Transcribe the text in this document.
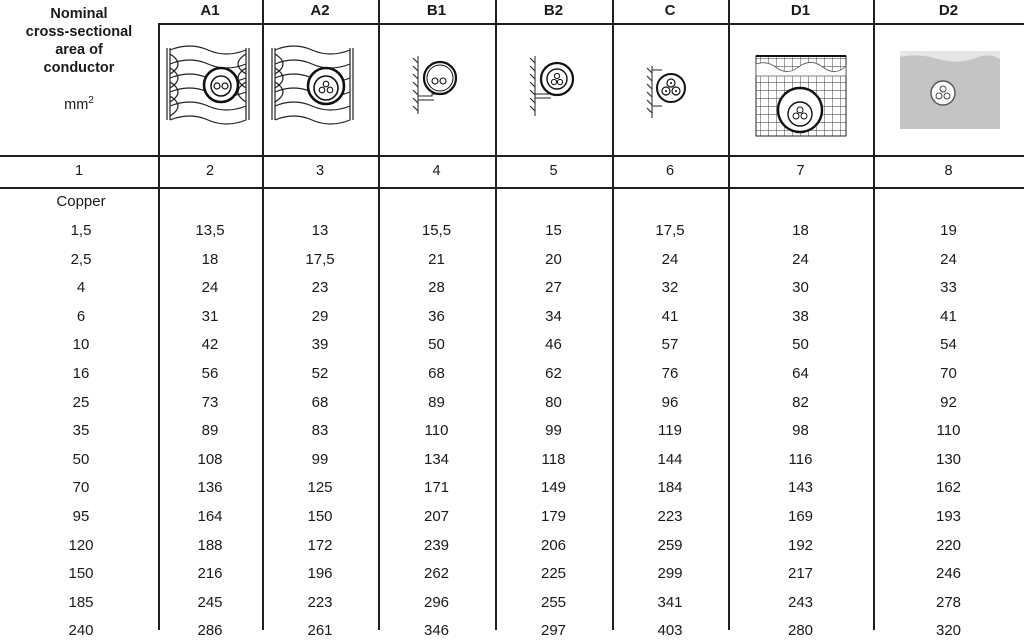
Nominal
cross-sectional
area of
conductor
$mm^2$
A1	A2	B1	B2	C	D1	D2
1	2	3	4	5	6	7	8
Copper
1,5	13,5	13	15,5	15	17,5	18	19
2,5	18	17,5	21	20	24	24	24
4	24	23	28	27	32	30	33
6	31	29	36	34	41	38	41
10	42	39	50	46	57	50	54
16	56	52	68	62	76	64	70
25	73	68	89	80	96	82	92
35	89	83	110	99	119	98	110
50	108	99	134	118	144	116	130
70	136	125	171	149	184	143	162
95	164	150	207	179	223	169	193
120	188	172	239	206	259	192	220
150	216	196	262	225	299	217	246
185	245	223	296	255	341	243	278
240	286	261	346	297	403	280	320
